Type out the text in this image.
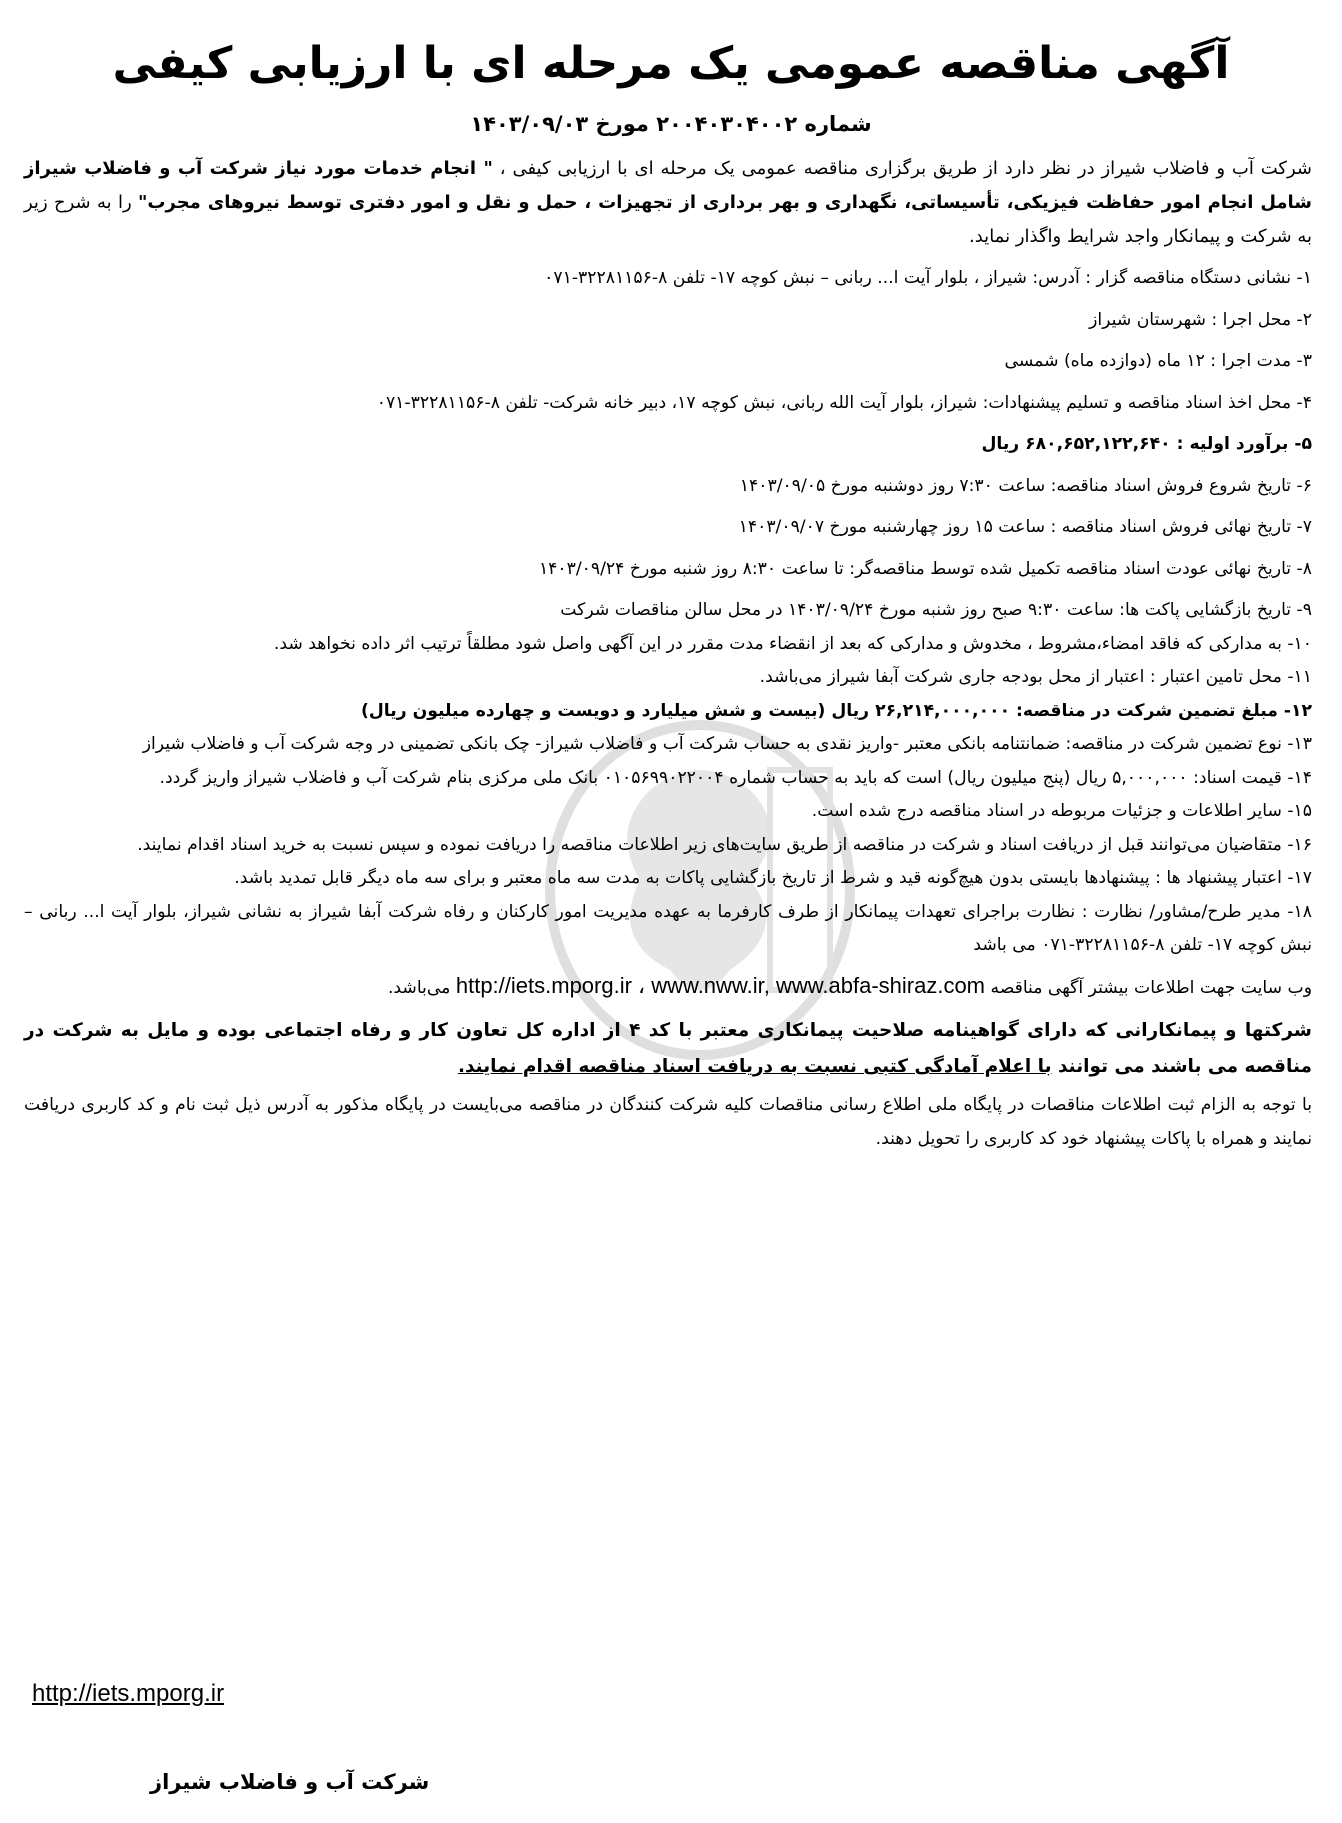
آگهی مناقصه عمومی یک مرحله ای با ارزیابی کیفی
شماره ۲۰۰۴۰۳۰۴۰۰۲ مورخ ۱۴۰۳/۰۹/۰۳

شرکت آب و فاضلاب شیراز در نظر دارد از طریق برگزاری مناقصه عمومی یک مرحله ای با ارزیابی کیفی ، " انجام خدمات مورد نیاز شرکت آب و فاضلاب شیراز شامل انجام امور حفاظت فیزیکی، تأسیساتی، نگهداری و بهر برداری از تجهیزات ، حمل و نقل و امور دفتری توسط نیروهای مجرب" را به شرح زیر به شرکت و پیمانکار واجد شرایط واگذار نماید.

۱- نشانی دستگاه مناقصه گزار : آدرس: شیراز ، بلوار آیت ا... ربانی – نبش کوچه ۱۷- تلفن ۸-۳۲۲۸۱۱۵۶-۰۷۱

۲- محل اجرا : شهرستان شیراز

۳- مدت اجرا : ۱۲ ماه (دوازده ماه) شمسی

۴- محل اخذ اسناد مناقصه و تسلیم پیشنهادات: شیراز، بلوار آیت الله ربانی، نبش کوچه ۱۷، دبیر خانه شرکت- تلفن ۸-۳۲۲۸۱۱۵۶-۰۷۱

۵- برآورد اولیه : ۶۸۰,۶۵۲,۱۲۲,۶۴۰ ریال

۶- تاریخ شروع فروش اسناد مناقصه: ساعت ۷:۳۰ روز دوشنبه مورخ ۱۴۰۳/۰۹/۰۵

۷- تاریخ نهائی فروش اسناد مناقصه : ساعت ۱۵ روز چهارشنبه مورخ ۱۴۰۳/۰۹/۰۷

۸- تاریخ نهائی عودت اسناد مناقصه تکمیل شده توسط مناقصه‌گر: تا ساعت ۸:۳۰ روز شنبه مورخ ۱۴۰۳/۰۹/۲۴

۹- تاریخ بازگشایی پاکت ها: ساعت ۹:۳۰ صبح روز شنبه مورخ ۱۴۰۳/۰۹/۲۴ در محل سالن مناقصات شرکت

۱۰- به مدارکی که فاقد امضاء،مشروط ، مخدوش و مدارکی که بعد از انقضاء مدت مقرر در این آگهی واصل شود مطلقاً ترتیب اثر داده نخواهد شد.

۱۱- محل تامین اعتبار : اعتبار از محل بودجه جاری شرکت آبفا شیراز می‌باشد.

۱۲- مبلغ تضمین شرکت در مناقصه: ۲۶,۲۱۴,۰۰۰,۰۰۰ ریال (بیست و شش میلیارد و دویست و چهارده میلیون ریال)

۱۳- نوع تضمین شرکت در مناقصه: ضمانتنامه بانکی معتبر -واریز نقدی به حساب شرکت آب و فاضلاب شیراز- چک بانکی تضمینی در وجه شرکت آب و فاضلاب شیراز

۱۴- قیمت اسناد: ۵,۰۰۰,۰۰۰ ریال (پنج میلیون ریال) است که باید به حساب شماره ۰۱۰۵۶۹۹۰۲۲۰۰۴ بانک ملی مرکزی بنام شرکت آب و فاضلاب شیراز واریز گردد.

۱۵- سایر اطلاعات و جزئیات مربوطه در اسناد مناقصه درج شده است.

۱۶- متقاضیان می‌توانند قبل از دریافت اسناد و شرکت در مناقصه از طریق سایت‌های زیر اطلاعات مناقصه را دریافت نموده و سپس نسبت به خرید اسناد اقدام نمایند.

۱۷- اعتبار پیشنهاد ها : پیشنهادها بایستی بدون هیچ‌گونه قید و شرط از تاریخ بازگشایی پاکات به مدت سه ماه معتبر و برای سه ماه دیگر قابل تمدید باشد.

۱۸- مدیر طرح/مشاور/ نظارت : نظارت براجرای تعهدات پیمانکار از طرف کارفرما به عهده مدیریت امور کارکنان و رفاه شرکت آبفا شیراز به نشانی شیراز، بلوار آیت ا... ربانی – نبش کوچه ۱۷- تلفن ۸-۳۲۲۸۱۱۵۶-۰۷۱ می باشد

وب سایت جهت اطلاعات بیشتر آگهی مناقصه http://iets.mporg.ir ، www.nww.ir, www.abfa-shiraz.com می‌باشد.

شرکتها و پیمانکارانی که دارای گواهینامه صلاحیت پیمانکاری معتبر با کد ۴ از اداره کل تعاون کار و رفاه اجتماعی بوده و مایل به شرکت در مناقصه می باشند می توانند با اعلام آمادگی کتبی نسبت به دریافت اسناد مناقصه اقدام نمایند.

با توجه به الزام ثبت اطلاعات مناقصات در پایگاه ملی اطلاع رسانی مناقصات کلیه شرکت کنندگان در مناقصه می‌بایست در پایگاه مذکور به آدرس ذیل ثبت نام و کد کاربری دریافت نمایند و همراه با پاکات پیشنهاد خود کد کاربری را تحویل دهند.

http://iets.mporg.ir
شرکت آب و فاضلاب شیراز
